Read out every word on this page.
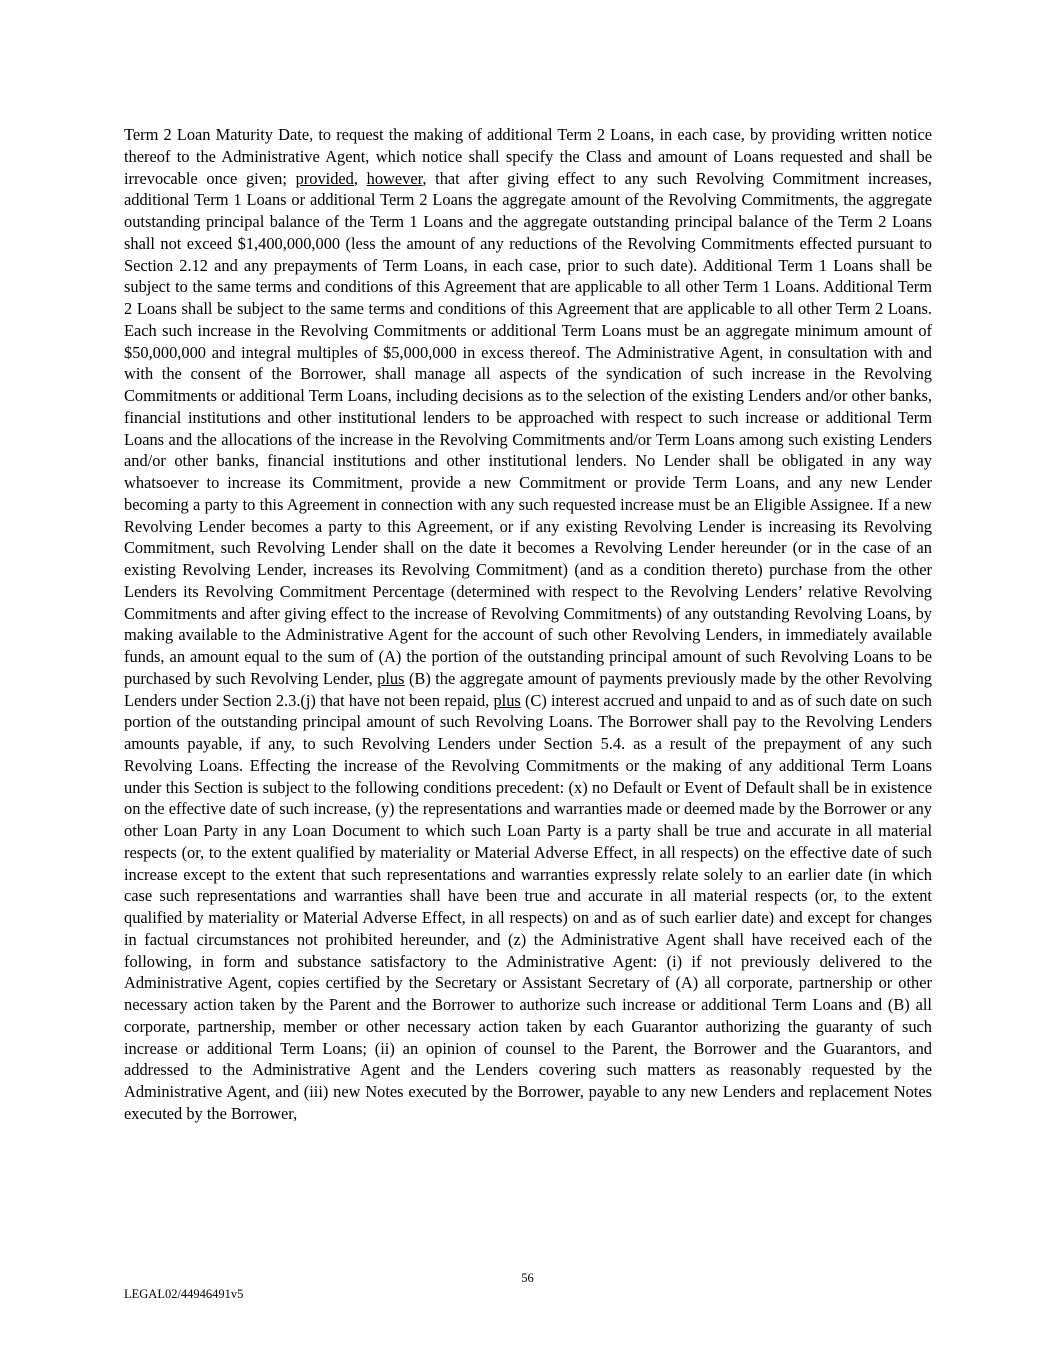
Term 2 Loan Maturity Date, to request the making of additional Term 2 Loans, in each case, by providing written notice thereof to the Administrative Agent, which notice shall specify the Class and amount of Loans requested and shall be irrevocable once given; provided, however, that after giving effect to any such Revolving Commitment increases, additional Term 1 Loans or additional Term 2 Loans the aggregate amount of the Revolving Commitments, the aggregate outstanding principal balance of the Term 1 Loans and the aggregate outstanding principal balance of the Term 2 Loans shall not exceed $1,400,000,000 (less the amount of any reductions of the Revolving Commitments effected pursuant to Section 2.12 and any prepayments of Term Loans, in each case, prior to such date). Additional Term 1 Loans shall be subject to the same terms and conditions of this Agreement that are applicable to all other Term 1 Loans. Additional Term 2 Loans shall be subject to the same terms and conditions of this Agreement that are applicable to all other Term 2 Loans. Each such increase in the Revolving Commitments or additional Term Loans must be an aggregate minimum amount of $50,000,000 and integral multiples of $5,000,000 in excess thereof. The Administrative Agent, in consultation with and with the consent of the Borrower, shall manage all aspects of the syndication of such increase in the Revolving Commitments or additional Term Loans, including decisions as to the selection of the existing Lenders and/or other banks, financial institutions and other institutional lenders to be approached with respect to such increase or additional Term Loans and the allocations of the increase in the Revolving Commitments and/or Term Loans among such existing Lenders and/or other banks, financial institutions and other institutional lenders. No Lender shall be obligated in any way whatsoever to increase its Commitment, provide a new Commitment or provide Term Loans, and any new Lender becoming a party to this Agreement in connection with any such requested increase must be an Eligible Assignee. If a new Revolving Lender becomes a party to this Agreement, or if any existing Revolving Lender is increasing its Revolving Commitment, such Revolving Lender shall on the date it becomes a Revolving Lender hereunder (or in the case of an existing Revolving Lender, increases its Revolving Commitment) (and as a condition thereto) purchase from the other Lenders its Revolving Commitment Percentage (determined with respect to the Revolving Lenders’ relative Revolving Commitments and after giving effect to the increase of Revolving Commitments) of any outstanding Revolving Loans, by making available to the Administrative Agent for the account of such other Revolving Lenders, in immediately available funds, an amount equal to the sum of (A) the portion of the outstanding principal amount of such Revolving Loans to be purchased by such Revolving Lender, plus (B) the aggregate amount of payments previously made by the other Revolving Lenders under Section 2.3.(j) that have not been repaid, plus (C) interest accrued and unpaid to and as of such date on such portion of the outstanding principal amount of such Revolving Loans. The Borrower shall pay to the Revolving Lenders amounts payable, if any, to such Revolving Lenders under Section 5.4. as a result of the prepayment of any such Revolving Loans. Effecting the increase of the Revolving Commitments or the making of any additional Term Loans under this Section is subject to the following conditions precedent: (x) no Default or Event of Default shall be in existence on the effective date of such increase, (y) the representations and warranties made or deemed made by the Borrower or any other Loan Party in any Loan Document to which such Loan Party is a party shall be true and accurate in all material respects (or, to the extent qualified by materiality or Material Adverse Effect, in all respects) on the effective date of such increase except to the extent that such representations and warranties expressly relate solely to an earlier date (in which case such representations and warranties shall have been true and accurate in all material respects (or, to the extent qualified by materiality or Material Adverse Effect, in all respects) on and as of such earlier date) and except for changes in factual circumstances not prohibited hereunder, and (z) the Administrative Agent shall have received each of the following, in form and substance satisfactory to the Administrative Agent: (i) if not previously delivered to the Administrative Agent, copies certified by the Secretary or Assistant Secretary of (A) all corporate, partnership or other necessary action taken by the Parent and the Borrower to authorize such increase or additional Term Loans and (B) all corporate, partnership, member or other necessary action taken by each Guarantor authorizing the guaranty of such increase or additional Term Loans; (ii) an opinion of counsel to the Parent, the Borrower and the Guarantors, and addressed to the Administrative Agent and the Lenders covering such matters as reasonably requested by the Administrative Agent, and (iii) new Notes executed by the Borrower, payable to any new Lenders and replacement Notes executed by the Borrower,

56
LEGAL02/44946491v5
